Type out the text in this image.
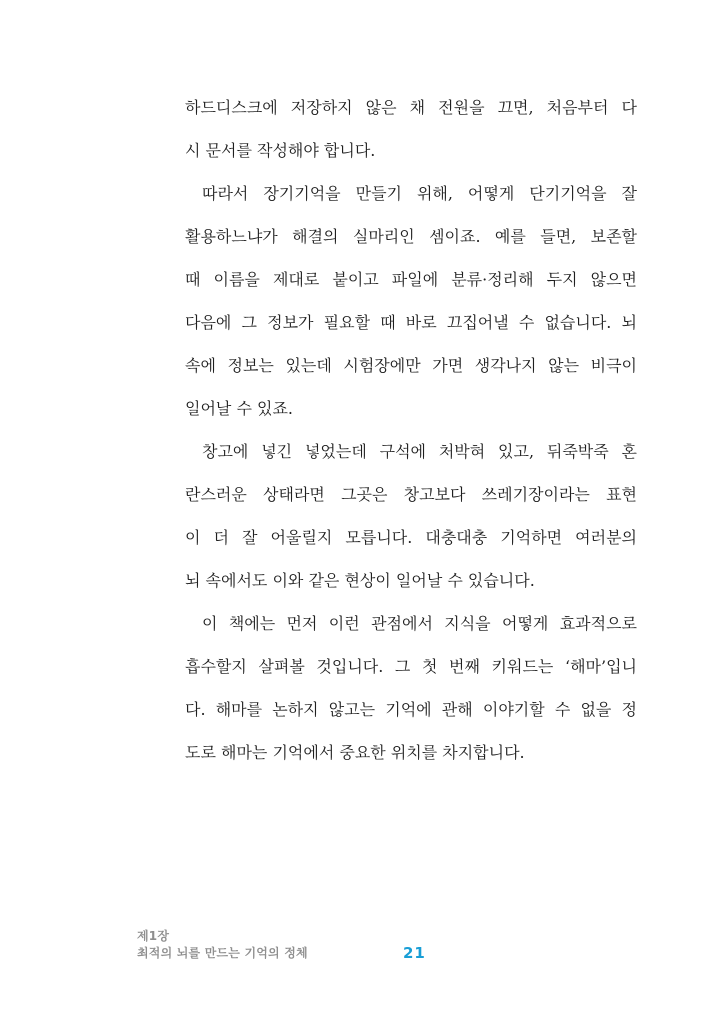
하드디스크에 저장하지 않은 채 전원을 끄면, 처음부터 다
시 문서를 작성해야 합니다.
따라서 장기기억을 만들기 위해, 어떻게 단기기억을 잘
활용하느냐가 해결의 실마리인 셈이죠. 예를 들면, 보존할
때 이름을 제대로 붙이고 파일에 분류·정리해 두지 않으면
다음에 그 정보가 필요할 때 바로 끄집어낼 수 없습니다. 뇌
속에 정보는 있는데 시험장에만 가면 생각나지 않는 비극이
일어날 수 있죠.
창고에 넣긴 넣었는데 구석에 처박혀 있고, 뒤죽박죽 혼
란스러운 상태라면 그곳은 창고보다 쓰레기장이라는 표현
이 더 잘 어울릴지 모릅니다. 대충대충 기억하면 여러분의
뇌 속에서도 이와 같은 현상이 일어날 수 있습니다.
이 책에는 먼저 이런 관점에서 지식을 어떻게 효과적으로
흡수할지 살펴볼 것입니다. 그 첫 번째 키워드는 ‘해마’입니
다. 해마를 논하지 않고는 기억에 관해 이야기할 수 없을 정
도로 해마는 기억에서 중요한 위치를 차지합니다.
제1장
최적의 뇌를 만드는 기억의 정체	21
